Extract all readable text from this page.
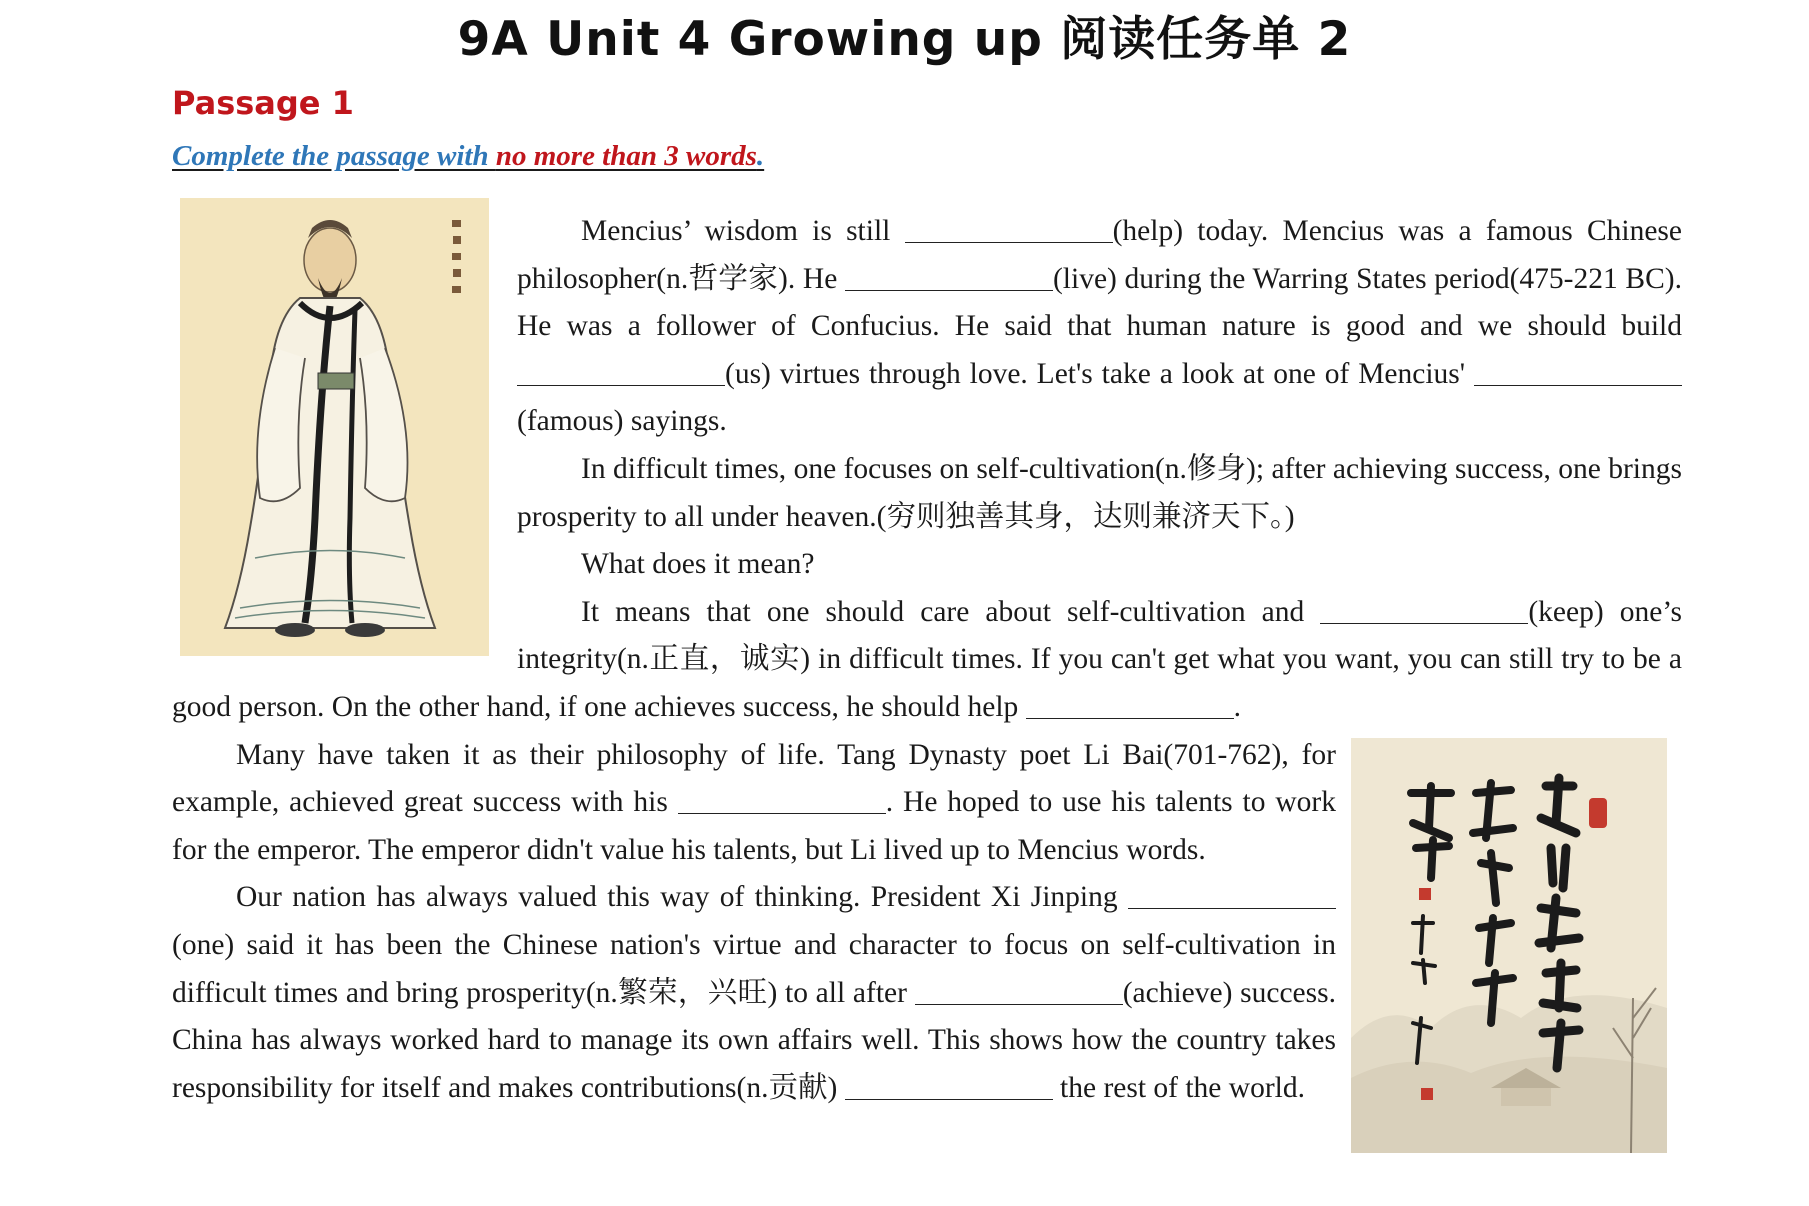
9A Unit 4 Growing up 阅读任务单 2
Passage 1
Complete the passage with no more than 3 words.

Mencius’ wisdom is still	(help) today. Mencius was a famous Chinese philosopher(n.哲学家). He	(live) during the Warring States period(475-221 BC). He was a follower of Confucius. He said that human nature is good and we should build (us) virtues through love. Let's take a look at one of Mencius' (famous) sayings.

In difficult times, one focuses on self-cultivation(n.修身); after achieving success, one brings prosperity to all under heaven.(穷则独善其身，达则兼济天下。)

What does it mean?

It means that one should care about self-cultivation and	(keep) one’s integrity(n.正直，诚实) in difficult times. If you can't get what you want, you can still try to be a good person. On the other hand, if one achieves success, he should help	.

Many have taken it as their philosophy of life. Tang Dynasty poet Li Bai(701-762), for example, achieved great success with his	. He hoped to use his talents to work for the emperor. The emperor didn't value his talents, but Li lived up to Mencius words.

Our nation has always valued this way of thinking. President Xi Jinping (one) said it has been the Chinese nation's virtue and character to focus on self-cultivation in difficult times and bring prosperity(n.繁荣，兴旺) to all after	(achieve) success. China has always worked hard to manage its own affairs well. This shows how the country takes responsibility for itself and makes contributions(n.贡献)	the rest of the world.
